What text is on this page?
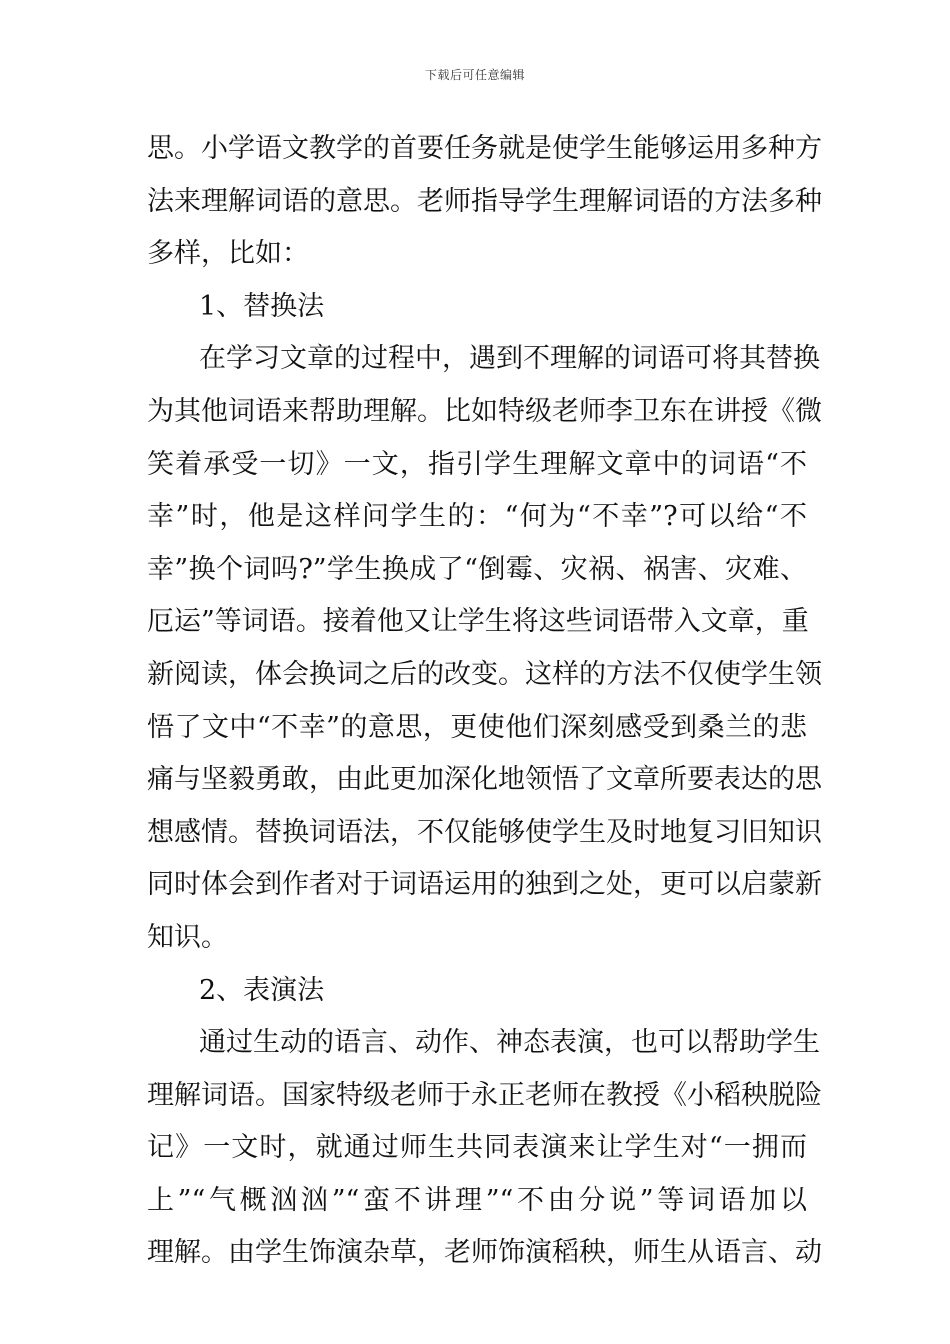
下载后可任意编辑
思。小学语文教学的首要任务就是使学生能够运用多种方
法来理解词语的意思。老师指导学生理解词语的方法多种
多样，比如：
1、替换法
在学习文章的过程中，遇到不理解的词语可将其替换
为其他词语来帮助理解。比如特级老师李卫东在讲授《微
笑着承受一切》一文，指引学生理解文章中的词语“不
幸”时，他是这样问学生的：“何为“不幸”?可以给“不
幸”换个词吗?”学生换成了“倒霉、灾祸、祸害、灾难、
厄运”等词语。接着他又让学生将这些词语带入文章，重
新阅读，体会换词之后的改变。这样的方法不仅使学生领
悟了文中“不幸”的意思，更使他们深刻感受到桑兰的悲
痛与坚毅勇敢，由此更加深化地领悟了文章所要表达的思
想感情。替换词语法，不仅能够使学生及时地复习旧知识
同时体会到作者对于词语运用的独到之处，更可以启蒙新
知识。
2、表演法
通过生动的语言、动作、神态表演，也可以帮助学生
理解词语。国家特级老师于永正老师在教授《小稻秧脱险
记》一文时，就通过师生共同表演来让学生对“一拥而
上”“气概汹汹”“蛮不讲理”“不由分说”等词语加以
理解。由学生饰演杂草，老师饰演稻秧，师生从语言、动
